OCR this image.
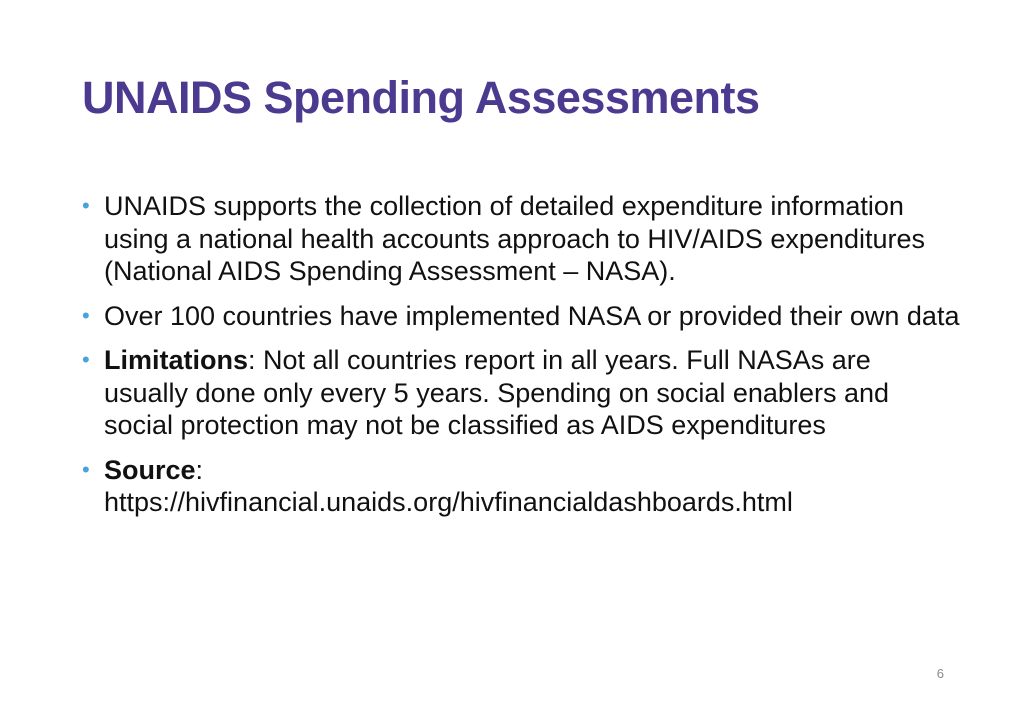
UNAIDS Spending Assessments
• UNAIDS supports the collection of detailed expenditure information using a national health accounts approach to HIV/AIDS expenditures (National AIDS Spending Assessment – NASA).
• Over 100 countries have implemented NASA or provided their own data
• Limitations: Not all countries report in all years. Full NASAs are usually done only every 5 years. Spending on social enablers and social protection may not be classified as AIDS expenditures
• Source:
https://hivfinancial.unaids.org/hivfinancialdashboards.html
6
